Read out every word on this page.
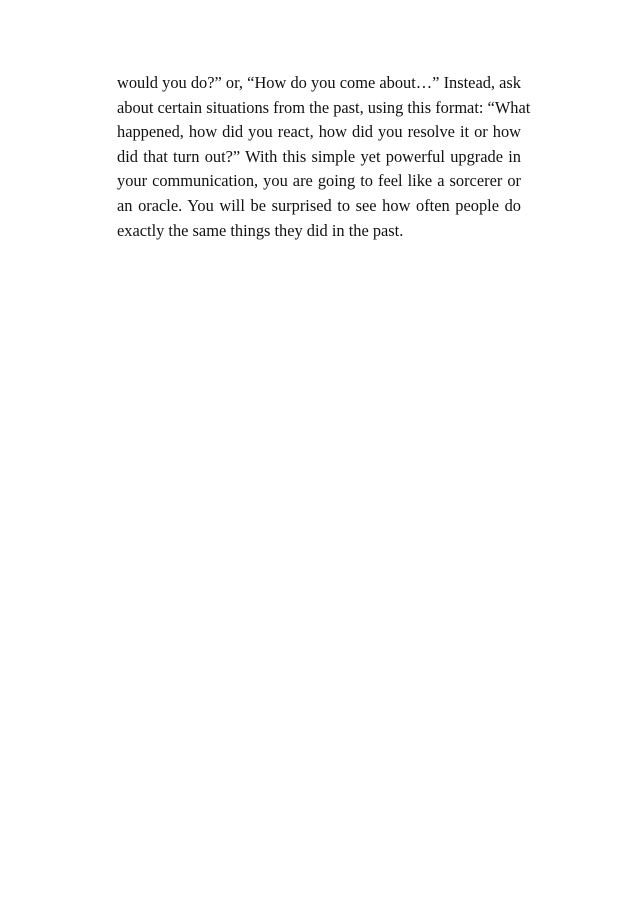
would you do?” or, “How do you come about…” Instead, ask
about certain situations from the past, using this format: “What
happened, how did you react, how did you resolve it or how
did that turn out?” With this simple yet powerful upgrade in
your communication, you are going to feel like a sorcerer or
an oracle. You will be surprised to see how often people do
exactly the same things they did in the past.
